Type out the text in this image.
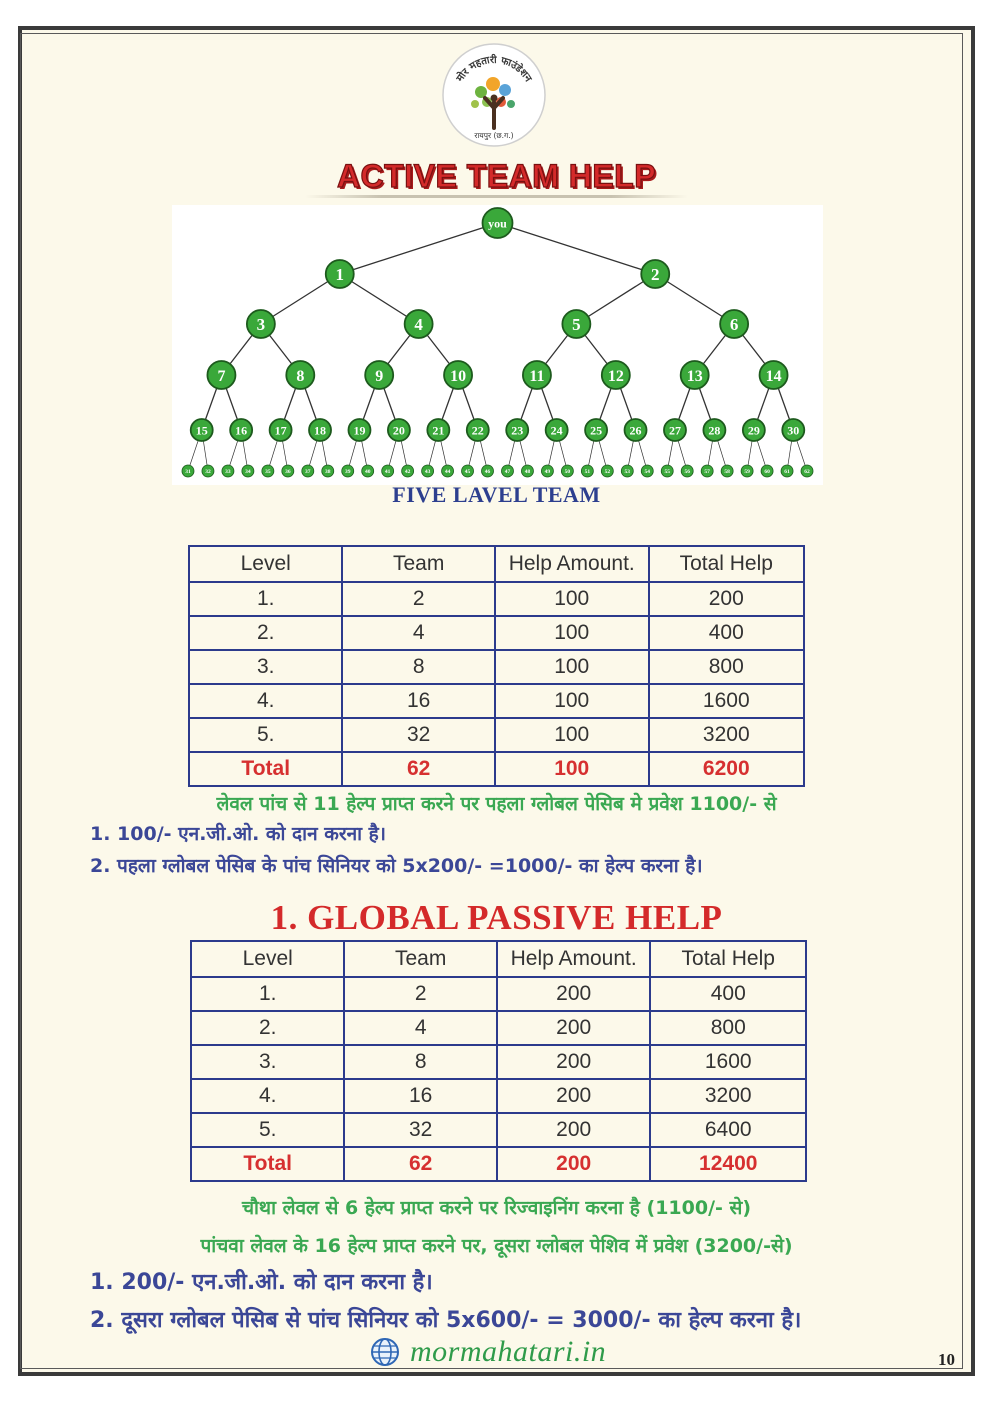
मोर महतारी फाउंडेशन
रायपुर (छ.ग.)
ACTIVE TEAM HELP
you
1	2
3	4	5	6
7	8	9	10	11	12	13	14
15 16 17 18 19 20 21 22 23 24 25 26 27 28 29 30
31	32	33	34	35	36	37	38	39	40	41	42	43	44	45	46	47	48	49	50	51	52	53	54	55	56	57	58	59	60	61	62
FIVE LAVEL TEAM
Level	Team	Help Amount.	Total Help
1.	2	100	200
2.	4	100	400
3.	8	100	800
4.	16	100	1600
5.	32	100	3200
Total	62	100	6200
लेवल पांच से 11 हेल्प प्राप्त करने पर पहला ग्लोबल पेसिब मे प्रवेश 1100/- से
1. 100/- एन.जी.ओ. को दान करना है।
2. पहला ग्लोबल पेसिब के पांच सिनियर को 5x200/- =1000/- का हेल्प करना है।
1. GLOBAL PASSIVE HELP
Level	Team	Help Amount.	Total Help
1.	2	200	400
2.	4	200	800
3.	8	200	1600
4.	16	200	3200
5.	32	200	6400
Total	62	200	12400
चौथा लेवल से 6 हेल्प प्राप्त करने पर रिज्वाइनिंग करना है (1100/- से)
पांचवा लेवल के 16 हेल्प प्राप्त करने पर, दूसरा ग्लोबल पेशिव में प्रवेश (3200/-से)
1. 200/- एन.जी.ओ. को दान करना है।
2. दूसरा ग्लोबल पेसिब से पांच सिनियर को 5x600/- = 3000/- का हेल्प करना है।
mormahatari.in	10
